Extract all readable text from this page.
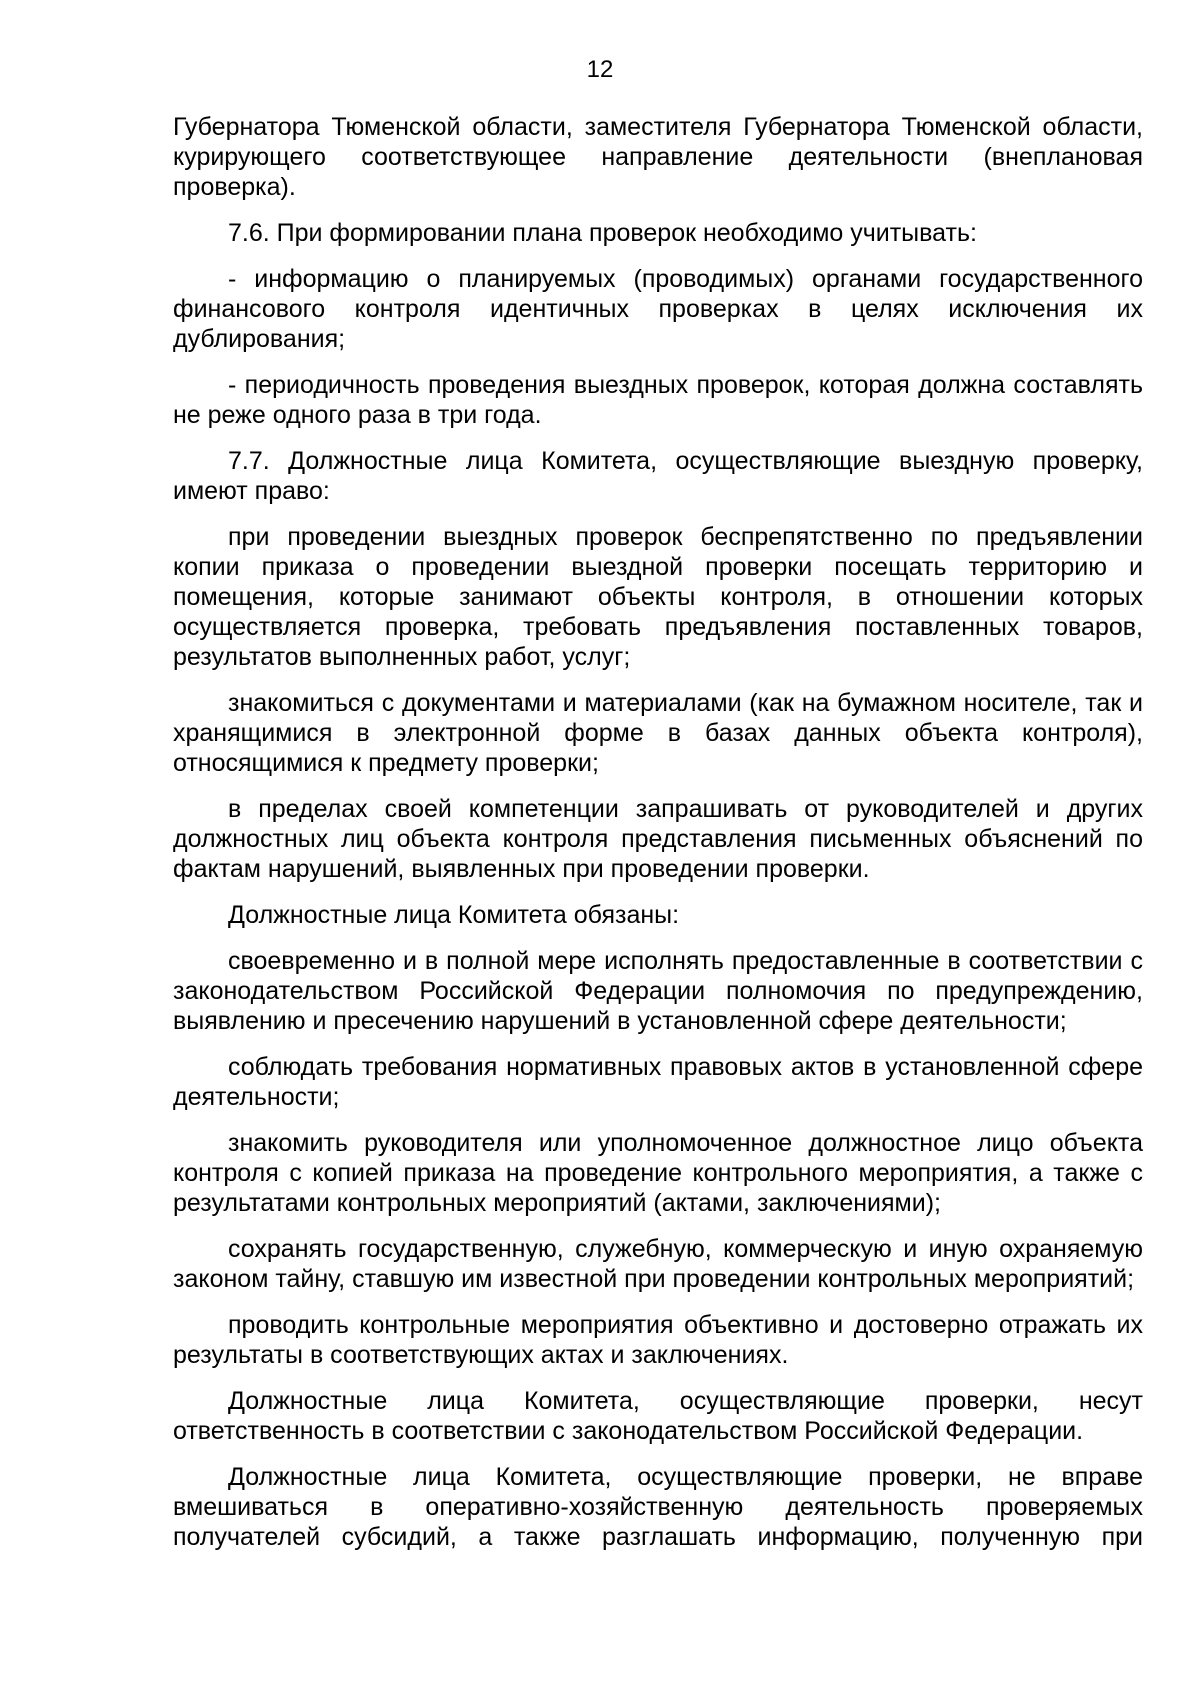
12

Губернатора Тюменской области, заместителя Губернатора Тюменской области, курирующего соответствующее направление деятельности (внеплановая проверка).

7.6. При формировании плана проверок необходимо учитывать:

- информацию о планируемых (проводимых) органами государственного финансового контроля идентичных проверках в целях исключения их дублирования;

- периодичность проведения выездных проверок, которая должна составлять не реже одного раза в три года.

7.7. Должностные лица Комитета, осуществляющие выездную проверку, имеют право:

при проведении выездных проверок беспрепятственно по предъявлении копии приказа о проведении выездной проверки посещать территорию и помещения, которые занимают объекты контроля, в отношении которых осуществляется проверка, требовать предъявления поставленных товаров, результатов выполненных работ, услуг;

знакомиться с документами и материалами (как на бумажном носителе, так и хранящимися в электронной форме в базах данных объекта контроля), относящимися к предмету проверки;

в пределах своей компетенции запрашивать от руководителей и других должностных лиц объекта контроля представления письменных объяснений по фактам нарушений, выявленных при проведении проверки.

Должностные лица Комитета обязаны:

своевременно и в полной мере исполнять предоставленные в соответствии с законодательством Российской Федерации полномочия по предупреждению, выявлению и пресечению нарушений в установленной сфере деятельности;

соблюдать требования нормативных правовых актов в установленной сфере деятельности;

знакомить руководителя или уполномоченное должностное лицо объекта контроля с копией приказа на проведение контрольного мероприятия, а также с результатами контрольных мероприятий (актами, заключениями);

сохранять государственную, служебную, коммерческую и иную охраняемую законом тайну, ставшую им известной при проведении контрольных мероприятий;

проводить контрольные мероприятия объективно и достоверно отражать их результаты в соответствующих актах и заключениях.

Должностные лица Комитета, осуществляющие проверки, несут ответственность в соответствии с законодательством Российской Федерации.

Должностные лица Комитета, осуществляющие проверки, не вправе вмешиваться в оперативно-хозяйственную деятельность проверяемых получателей субсидий, а также разглашать информацию, полученную при
